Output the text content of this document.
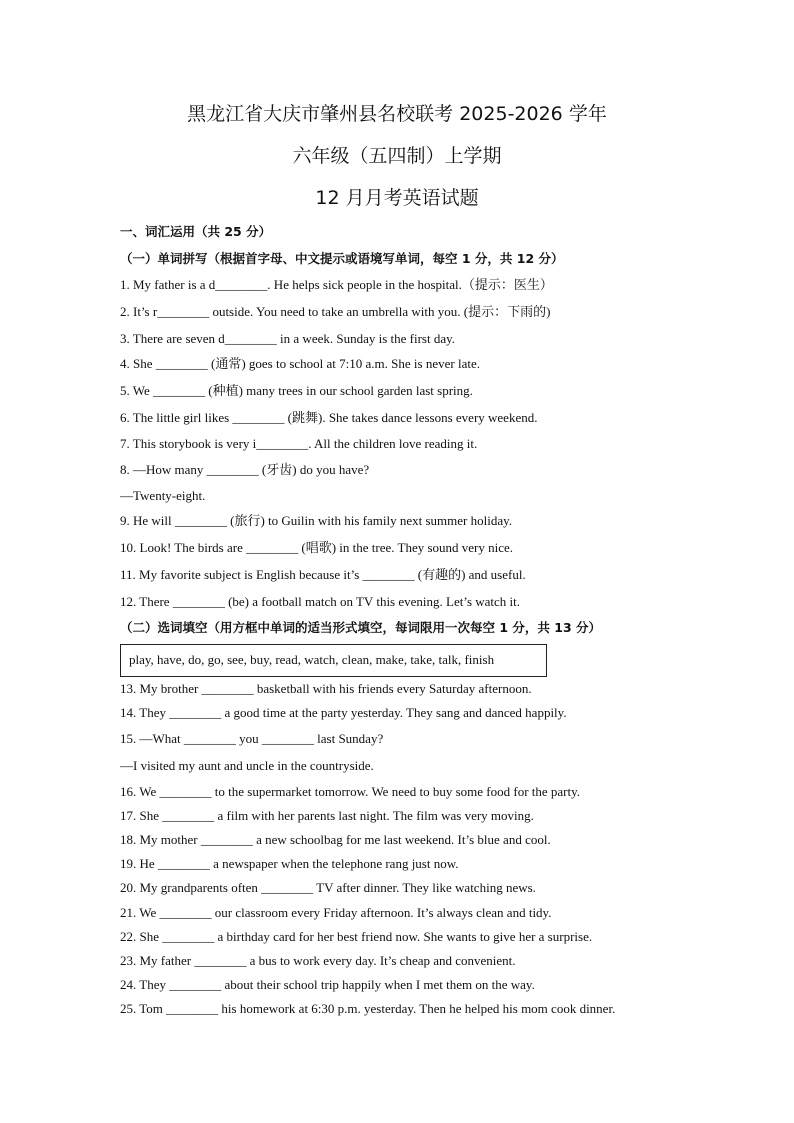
黑龙江省大庆市肇州县名校联考 2025-2026 学年
六年级（五四制）上学期
12 月月考英语试题
一、词汇运用（共 25 分）
（一）单词拼写（根据首字母、中文提示或语境写单词，每空 1 分，共 12 分）
1. My father is a d________. He helps sick people in the hospital.（提示：医生）
2. It’s r________ outside. You need to take an umbrella with you. (提示：下雨的)
3. There are seven d________ in a week. Sunday is the first day.
4. She ________ (通常) goes to school at 7:10 a.m. She is never late.
5. We ________ (种植) many trees in our school garden last spring.
6. The little girl likes ________ (跳舞). She takes dance lessons every weekend.
7. This storybook is very i________. All the children love reading it.
8. —How many ________ (牙齿) do you have?
—Twenty-eight.
9. He will ________ (旅行) to Guilin with his family next summer holiday.
10. Look! The birds are ________ (唱歌) in the tree. They sound very nice.
11. My favorite subject is English because it’s ________ (有趣的) and useful.
12. There ________ (be) a football match on TV this evening. Let’s watch it.
（二）选词填空（用方框中单词的适当形式填空，每词限用一次每空 1 分，共 13 分）
play, have, do, go, see, buy, read, watch, clean, make, take, talk, finish
13. My brother ________ basketball with his friends every Saturday afternoon.
14. They ________ a good time at the party yesterday. They sang and danced happily.
15. —What ________ you ________ last Sunday?
—I visited my aunt and uncle in the countryside.
16. We ________ to the supermarket tomorrow. We need to buy some food for the party.
17. She ________ a film with her parents last night. The film was very moving.
18. My mother ________ a new schoolbag for me last weekend. It’s blue and cool.
19. He ________ a newspaper when the telephone rang just now.
20. My grandparents often ________ TV after dinner. They like watching news.
21. We ________ our classroom every Friday afternoon. It’s always clean and tidy.
22. She ________ a birthday card for her best friend now. She wants to give her a surprise.
23. My father ________ a bus to work every day. It’s cheap and convenient.
24. They ________ about their school trip happily when I met them on the way.
25. Tom ________ his homework at 6:30 p.m. yesterday. Then he helped his mom cook dinner.
